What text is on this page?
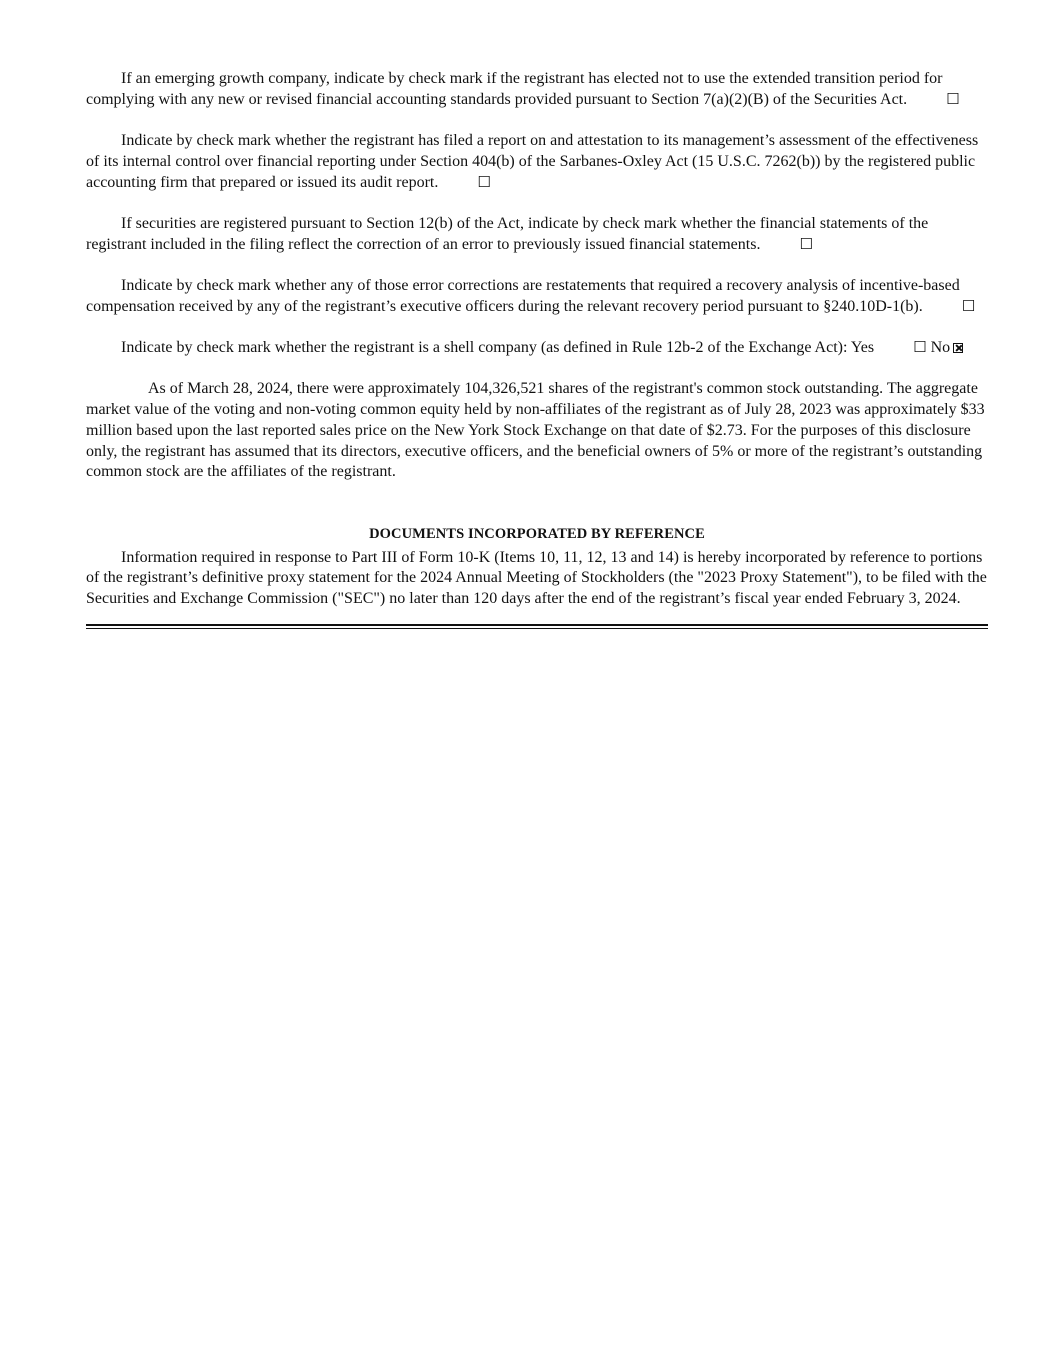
If an emerging growth company, indicate by check mark if the registrant has elected not to use the extended transition period for complying with any new or revised financial accounting standards provided pursuant to Section 7(a)(2)(B) of the Securities Act.	☐

Indicate by check mark whether the registrant has filed a report on and attestation to its management’s assessment of the effectiveness of its internal control over financial reporting under Section 404(b) of the Sarbanes-Oxley Act (15 U.S.C. 7262(b)) by the registered public accounting firm that prepared or issued its audit report.	☐

If securities are registered pursuant to Section 12(b) of the Act, indicate by check mark whether the financial statements of the registrant included in the filing reflect the correction of an error to previously issued financial statements.	☐

Indicate by check mark whether any of those error corrections are restatements that required a recovery analysis of incentive-based compensation received by any of the registrant’s executive officers during the relevant recovery period pursuant to §240.10D-1(b).	☐

Indicate by check mark whether the registrant is a shell company (as defined in Rule 12b-2 of the Exchange Act): Yes	☐ No

As of March 28, 2024, there were approximately 104,326,521 shares of the registrant's common stock outstanding. The aggregate market value of the voting and non-voting common equity held by non-affiliates of the registrant as of July 28, 2023 was approximately $33 million based upon the last reported sales price on the New York Stock Exchange on that date of $2.73. For the purposes of this disclosure only, the registrant has assumed that its directors, executive officers, and the beneficial owners of 5% or more of the registrant’s outstanding common stock are the affiliates of the registrant.

DOCUMENTS INCORPORATED BY REFERENCE

Information required in response to Part III of Form 10-K (Items 10, 11, 12, 13 and 14) is hereby incorporated by reference to portions of the registrant’s definitive proxy statement for the 2024 Annual Meeting of Stockholders (the "2023 Proxy Statement"), to be filed with the Securities and Exchange Commission ("SEC") no later than 120 days after the end of the registrant’s fiscal year ended February 3, 2024.
